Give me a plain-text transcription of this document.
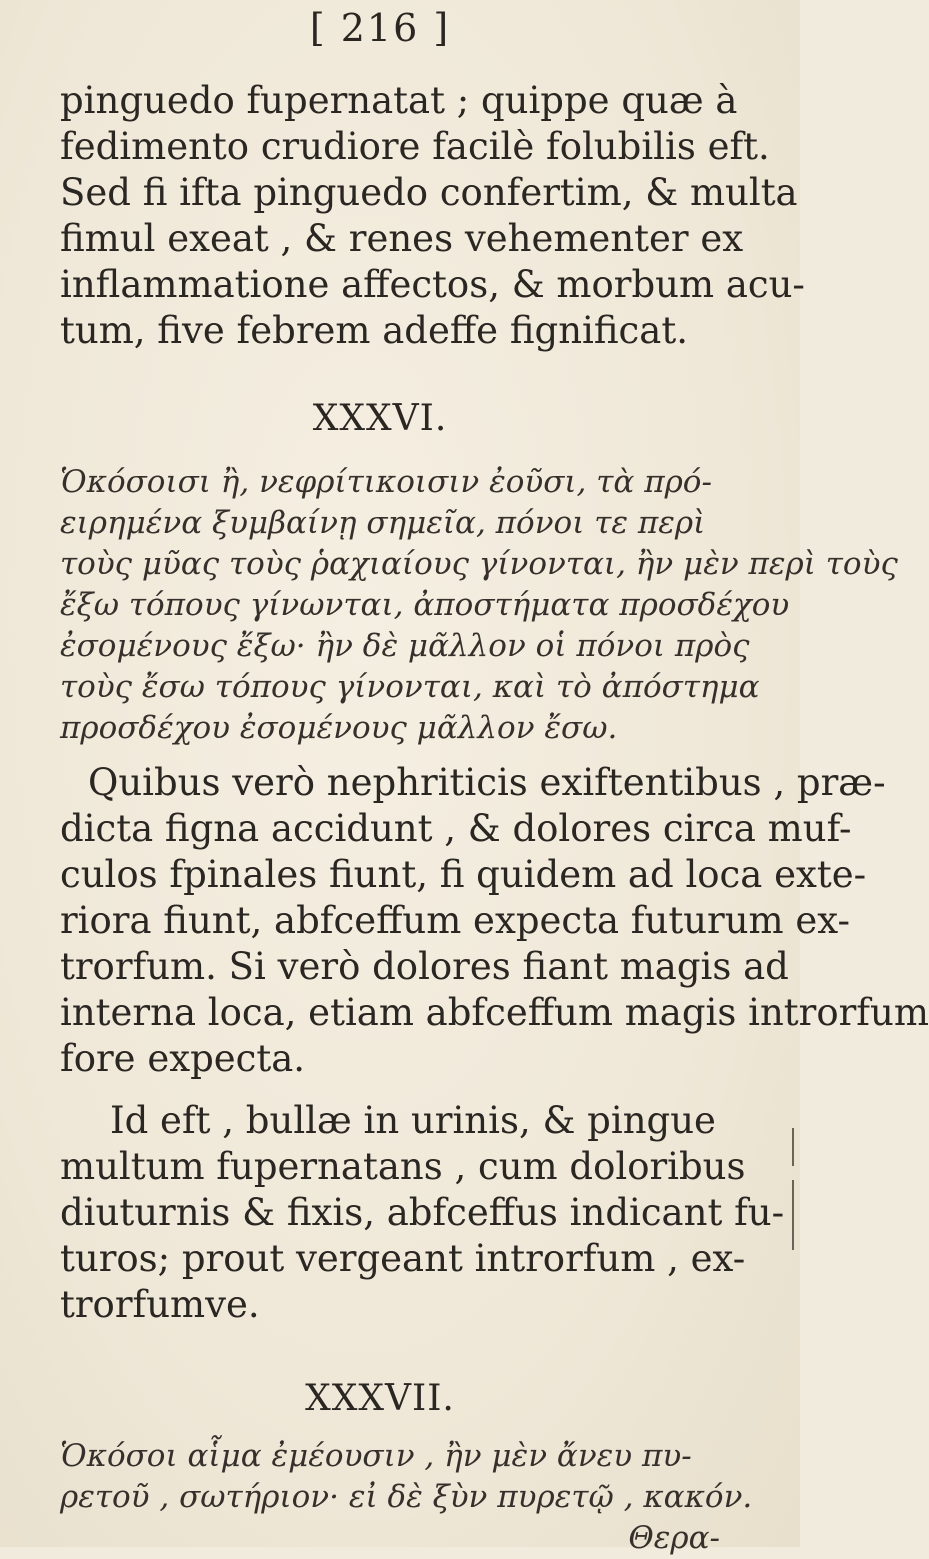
[ 216 ]
pinguedo fupernatat ; quippe quæ à
fedimento crudiore facilè folubilis eft.
Sed fi ifta pinguedo confertim, & multa
fimul exeat , & renes vehementer ex
inflammatione affectos, & morbum acu-
tum, five febrem adeffe fignificat.
XXXVI.
Ὁκόσοισι ἢ, νεφρίτικοισιν ἐοῦσι, τὰ πρό-
ειρημένα ξυμβαίνῃ σημεῖα, πόνοι τε περὶ
τοὺς μῦας τοὺς ῥαχιαίους γίνονται, ἢν μὲν περὶ τοὺς
ἔξω τόπους γίνωνται, ἀποστήματα προσδέχου
ἐσομένους ἔξω· ἢν δὲ μᾶλλον οἱ πόνοι πρὸς
τοὺς ἔσω τόπους γίνονται, καὶ τὸ ἀπόστημα
προσδέχου ἐσομένους μᾶλλον ἔσω.
Quibus verò nephriticis exiftentibus , præ-
dicta figna accidunt , & dolores circa muf-
culos fpinales fiunt, fi quidem ad loca exte-
riora fiunt, abfceffum expecta futurum ex-
trorfum. Si verò dolores fiant magis ad
interna loca, etiam abfceffum magis introrfum
fore expecta.
Id eft , bullæ in urinis, & pingue
multum fupernatans , cum doloribus
diuturnis & fixis, abfceffus indicant fu-
turos; prout vergeant introrfum , ex-
trorfumve.
XXXVII.
Ὁκόσοι αἷμα ἐμέουσιν , ἢν μὲν ἄνευ πυ-
ρετοῦ , σωτήριον· εἰ δὲ ξὺν πυρετῷ , κακόν.
Θερα-
